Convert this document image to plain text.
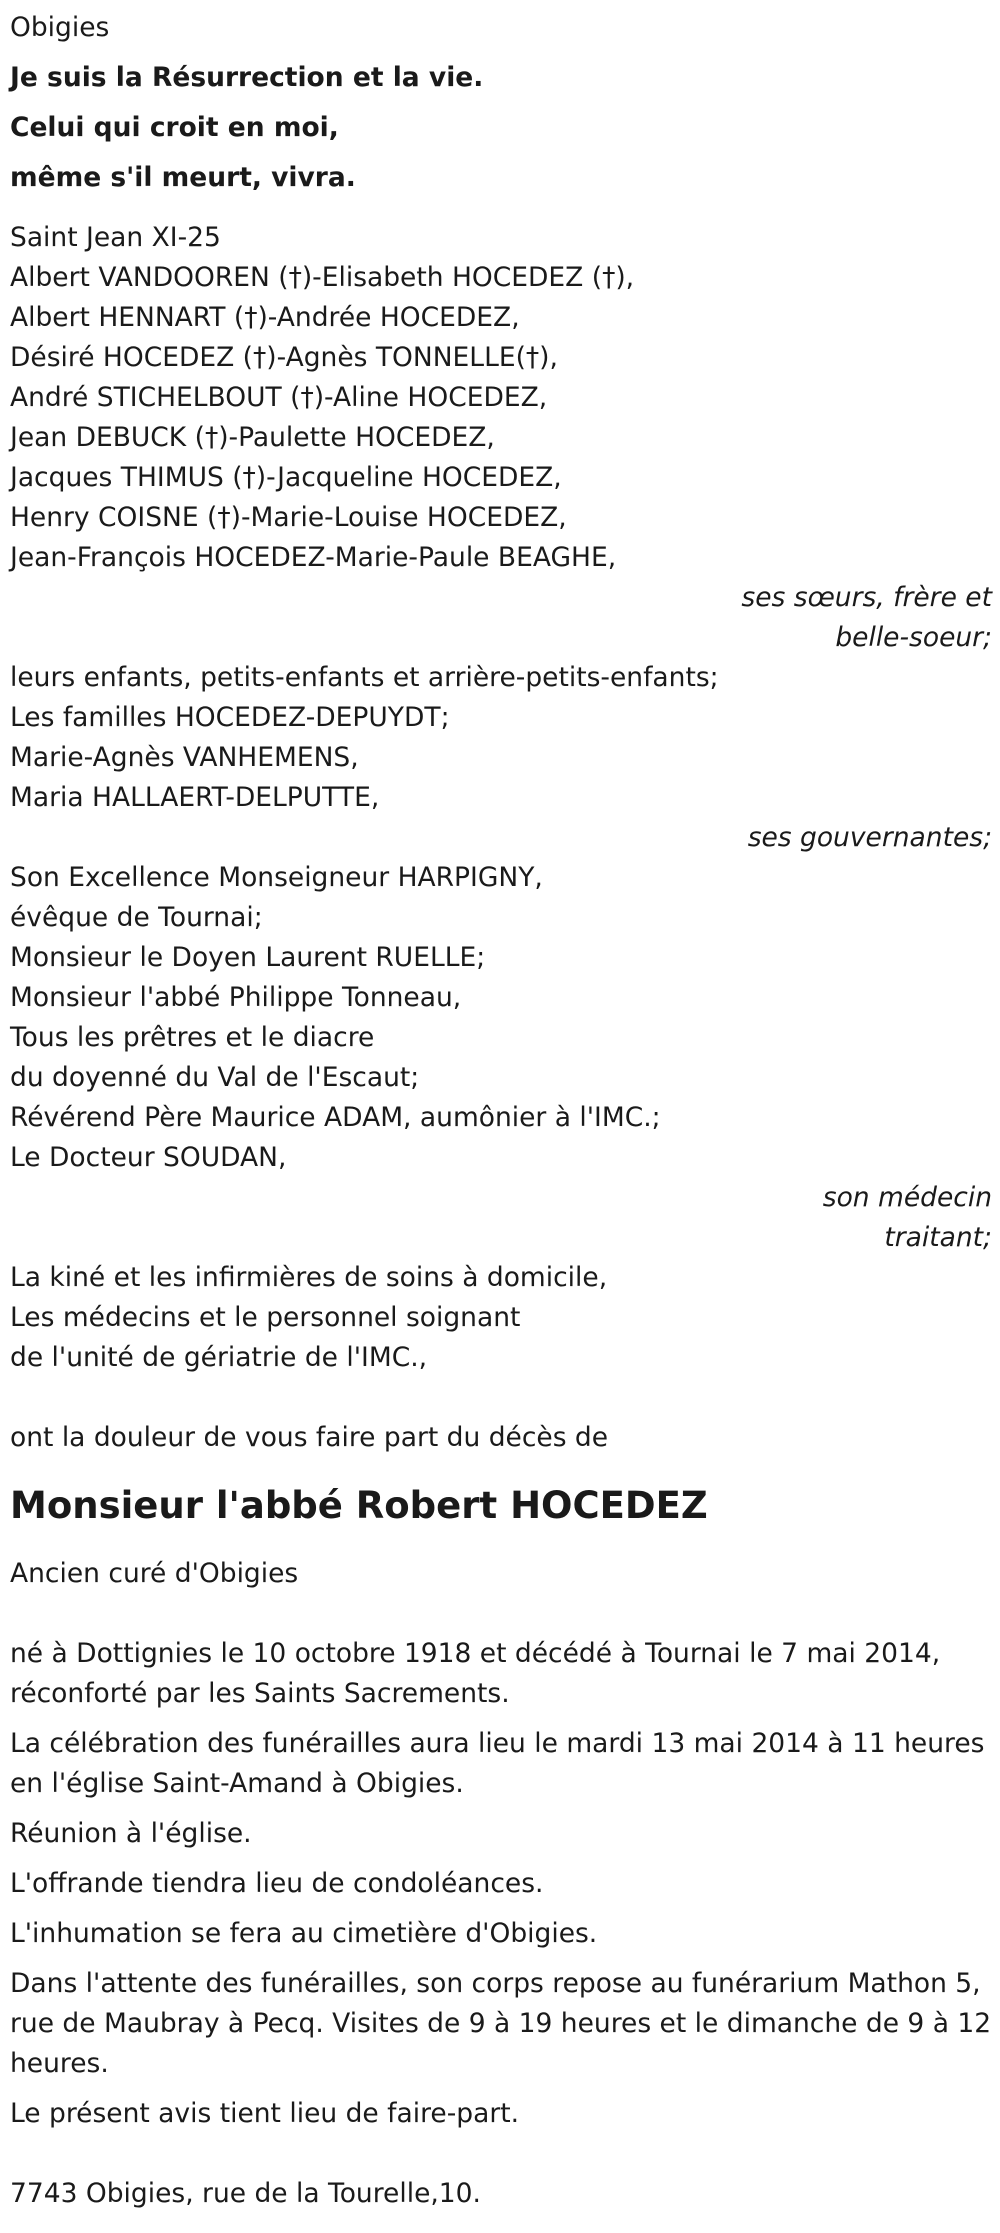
Obigies
Je suis la Résurrection et la vie.
Celui qui croit en moi,
même s'il meurt, vivra.
Saint Jean XI-25
Albert VANDOOREN (†)-Elisabeth HOCEDEZ (†),
Albert HENNART (†)-Andrée HOCEDEZ,
Désiré HOCEDEZ (†)-Agnès TONNELLE(†),
André STICHELBOUT (†)-Aline HOCEDEZ,
Jean DEBUCK (†)-Paulette HOCEDEZ,
Jacques THIMUS (†)-Jacqueline HOCEDEZ,
Henry COISNE (†)-Marie-Louise HOCEDEZ,
Jean-François HOCEDEZ-Marie-Paule BEAGHE,
ses sœurs, frère et
belle-soeur;
leurs enfants, petits-enfants et arrière-petits-enfants;
Les familles HOCEDEZ-DEPUYDT;
Marie-Agnès VANHEMENS,
Maria HALLAERT-DELPUTTE,
ses gouvernantes;
Son Excellence Monseigneur HARPIGNY,
évêque de Tournai;
Monsieur le Doyen Laurent RUELLE;
Monsieur l'abbé Philippe Tonneau,
Tous les prêtres et le diacre
du doyenné du Val de l'Escaut;
Révérend Père Maurice ADAM, aumônier à l'IMC.;
Le Docteur SOUDAN,
son médecin
traitant;
La kiné et les infirmières de soins à domicile,
Les médecins et le personnel soignant
de l'unité de gériatrie de l'IMC.,
ont la douleur de vous faire part du décès de
Monsieur l'abbé Robert HOCEDEZ
Ancien curé d'Obigies
né à Dottignies le 10 octobre 1918 et décédé à Tournai le 7 mai 2014, réconforté par les Saints Sacrements.
La célébration des funérailles aura lieu le mardi 13 mai 2014 à 11 heures en l'église Saint-Amand à Obigies.
Réunion à l'église.
L'offrande tiendra lieu de condoléances.
L'inhumation se fera au cimetière d'Obigies.
Dans l'attente des funérailles, son corps repose au funérarium Mathon 5, rue de Maubray à Pecq. Visites de 9 à 19 heures et le dimanche de 9 à 12 heures.
Le présent avis tient lieu de faire-part.
7743 Obigies, rue de la Tourelle,10.
